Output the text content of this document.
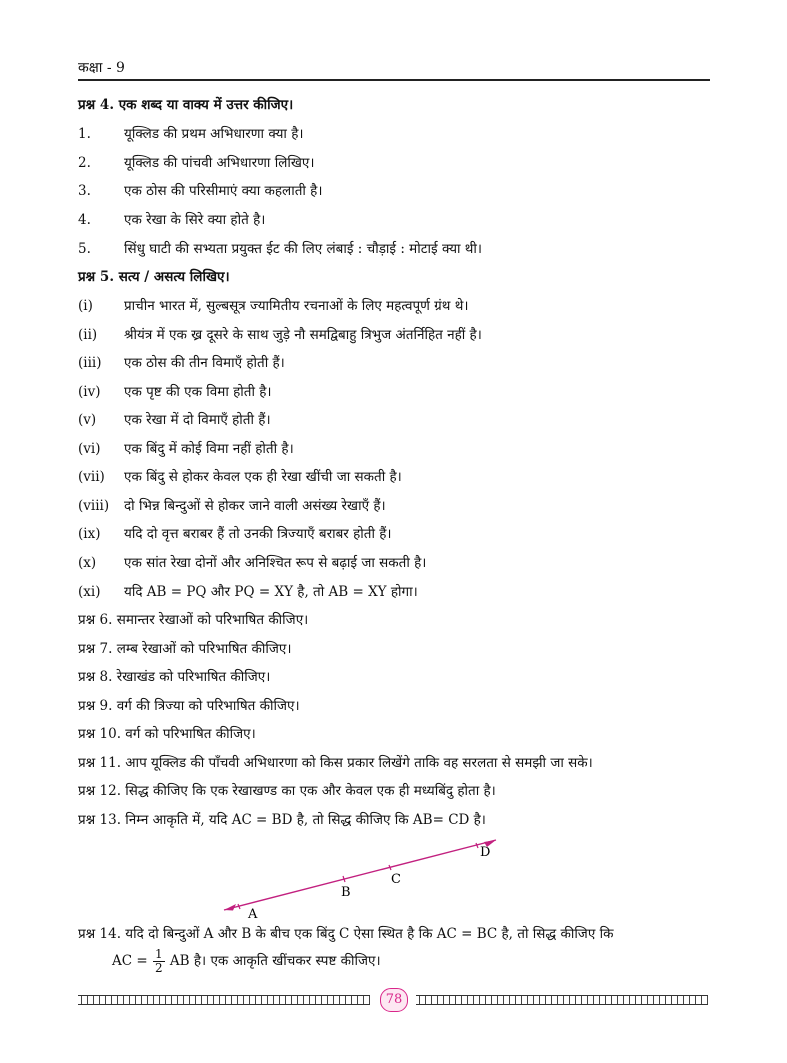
कक्षा - 9
प्रश्न 4. एक शब्द या वाक्य में उत्तर कीजिए।
1. यूक्लिड की प्रथम अभिधारणा क्या है।
2. यूक्लिड की पांचवी अभिधारणा लिखिए।
3. एक ठोस की परिसीमाएं क्या कहलाती है।
4. एक रेखा के सिरे क्या होते है।
5. सिंधु घाटी की सभ्यता प्रयुक्त ईट की लिए लंबाई : चौड़ाई : मोटाई क्या थी।
प्रश्न 5. सत्य / असत्य लिखिए।
(i) प्राचीन भारत में, सुल्बसूत्र ज्यामितीय रचनाओं के लिए महत्वपूर्ण ग्रंथ थे।
(ii) श्रीयंत्र में एक ख्र दूसरे के साथ जुड़े नौ समद्विबाहु त्रिभुज अंतर्निहित नहीं है।
(iii) एक ठोस की तीन विमाएँ होती हैं।
(iv) एक पृष्ट की एक विमा होती है।
(v) एक रेखा में दो विमाएँ होती हैं।
(vi) एक बिंदु में कोई विमा नहीं होती है।
(vii) एक बिंदु से होकर केवल एक ही रेखा खींची जा सकती है।
(viii) दो भिन्न बिन्दुओं से होकर जाने वाली असंख्य रेखाएँ हैं।
(ix) यदि दो वृत्त बराबर हैं तो उनकी त्रिज्याएँ बराबर होती हैं।
(x) एक सांत रेखा दोनों और अनिश्चित रूप से बढ़ाई जा सकती है।
(xi) यदि AB = PQ और PQ = XY है, तो AB = XY होगा।
प्रश्न 6. समान्तर रेखाओं को परिभाषित कीजिए।
प्रश्न 7. लम्ब रेखाओं को परिभाषित कीजिए।
प्रश्न 8. रेखाखंड को परिभाषित कीजिए।
प्रश्न 9. वर्ग की त्रिज्या को परिभाषित कीजिए।
प्रश्न 10. वर्ग को परिभाषित कीजिए।
प्रश्न 11. आप यूक्लिड की पाँचवी अभिधारणा को किस प्रकार लिखेंगे ताकि वह सरलता से समझी जा सके।
प्रश्न 12. सिद्ध कीजिए कि एक रेखाखण्ड का एक और केवल एक ही मध्यबिंदु होता है।
प्रश्न 13. निम्न आकृति में, यदि AC = BD है, तो सिद्ध कीजिए कि AB= CD है।
A
B
C
D
प्रश्न 14. यदि दो बिन्दुओं A और B के बीच एक बिंदु C ऐसा स्थित है कि AC = BC है, तो सिद्ध कीजिए कि
AC = $\frac{1}{2}$ AB है। एक आकृति खींचकर स्पष्ट कीजिए।
78
